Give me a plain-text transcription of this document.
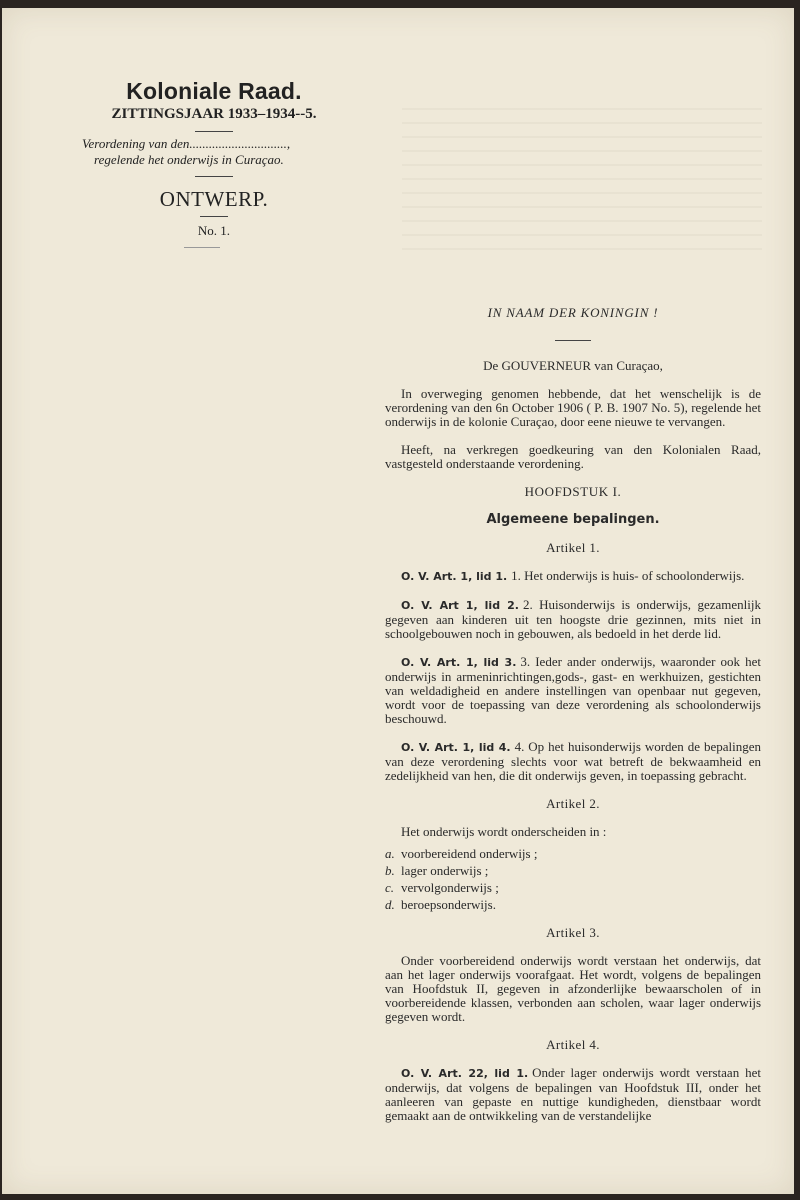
Koloniale Raad.

ZITTINGSJAAR 1933–1934--5.

Verordening van den..............................,
regelende het onderwijs in Curaçao.

ONTWERP.

No. 1.
IN NAAM DER KONINGIN !
De GOUVERNEUR van Curaçao,

In overweging genomen hebbende, dat het wenschelijk is de verordening van den 6n October 1906 ( P. B. 1907 No. 5), regelende het onderwijs in de kolonie Curaçao, door eene nieuwe te vervangen.

Heeft, na verkregen goedkeuring van den Kolonialen Raad, vastgesteld onderstaande verordening.

HOOFDSTUK I.
Algemeene bepalingen.
Artikel 1.

O. V. Art. 1, lid 1. 1. Het onderwijs is huis- of schoolonderwijs.

O. V. Art 1, lid 2. 2. Huisonderwijs is onderwijs, gezamenlijk gegeven aan kinderen uit ten hoogste drie gezinnen, mits niet in schoolgebouwen noch in gebouwen, als bedoeld in het derde lid.

O. V. Art. 1, lid 3. 3. Ieder ander onderwijs, waaronder ook het onderwijs in armeninrichtingen,gods-, gast- en werkhuizen, gestichten van weldadigheid en andere instellingen van openbaar nut gegeven, wordt voor de toepassing van deze verordening als schoolonderwijs beschouwd.

O. V. Art. 1, lid 4. 4. Op het huisonderwijs worden de bepalingen van deze verordening slechts voor wat betreft de bekwaamheid en zedelijkheid van hen, die dit onderwijs geven, in toepassing gebracht.

Artikel 2.

Het onderwijs wordt onderscheiden in :

a. voorbereidend onderwijs ;
b. lager onderwijs ;
c. vervolgonderwijs ;
d. beroepsonderwijs.
Artikel 3.

Onder voorbereidend onderwijs wordt verstaan het onderwijs, dat aan het lager onderwijs voorafgaat. Het wordt, volgens de bepalingen van Hoofdstuk II, gegeven in afzonderlijke bewaarscholen of in voorbereidende klassen, verbonden aan scholen, waar lager onderwijs gegeven wordt.

Artikel 4.

O. V. Art. 22, lid 1. Onder lager onderwijs wordt verstaan het onderwijs, dat volgens de bepalingen van Hoofdstuk III, onder het aanleeren van gepaste en nuttige kundigheden, dienstbaar wordt gemaakt aan de ontwikkeling van de verstandelijke
